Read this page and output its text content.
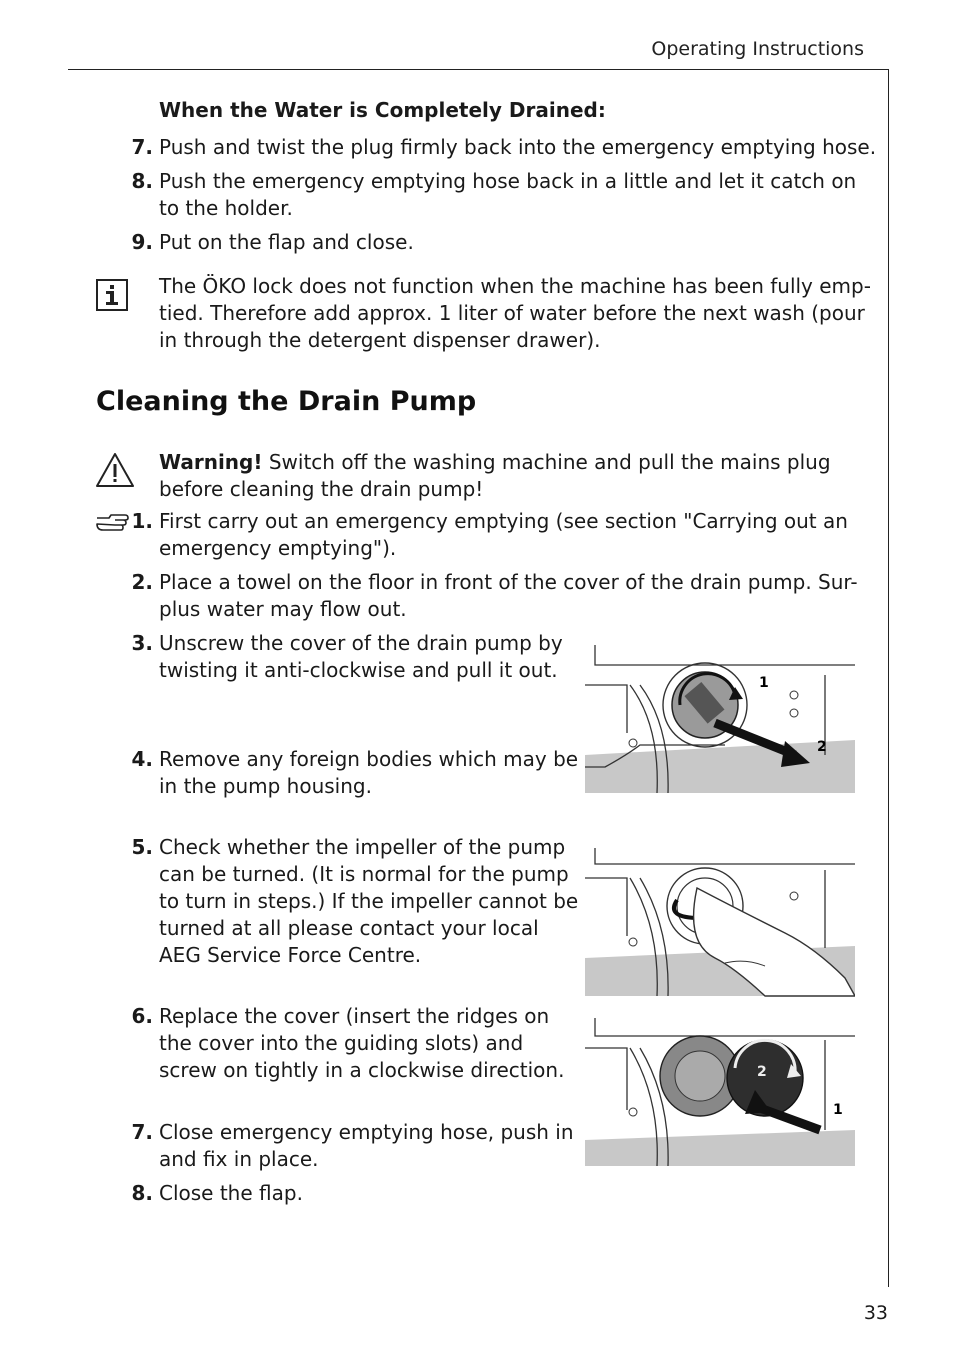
Operating Instructions
When the Water is Completely Drained:
7. Push and twist the plug firmly back into the emergency emptying hose.
8. Push the emergency emptying hose back in a little and let it catch on
to the holder.
9. Put on the flap and close.
The ÖKO lock does not function when the machine has been fully emp-
tied. Therefore add approx. 1 liter of water before the next wash (pour
in through the detergent dispenser drawer).
Cleaning the Drain Pump
Warning! Switch off the washing machine and pull the mains plug
before cleaning the drain pump!
1. First carry out an emergency emptying (see section "Carrying out an
emergency emptying").
2. Place a towel on the floor in front of the cover of the drain pump. Sur-
plus water may flow out.
3. Unscrew the cover of the drain pump by
twisting it anti-clockwise and pull it out.
4. Remove any foreign bodies which may be
in the pump housing.
5. Check whether the impeller of the pump
can be turned. (It is normal for the pump
to turn in steps.) If the impeller cannot be
turned at all please contact your local
AEG Service Force Centre.
6. Replace the cover (insert the ridges on
the cover into the guiding slots) and
screw on tightly in a clockwise direction.
7. Close emergency emptying hose, push in
and fix in place.
8. Close the flap.
1
2
2
1
33
